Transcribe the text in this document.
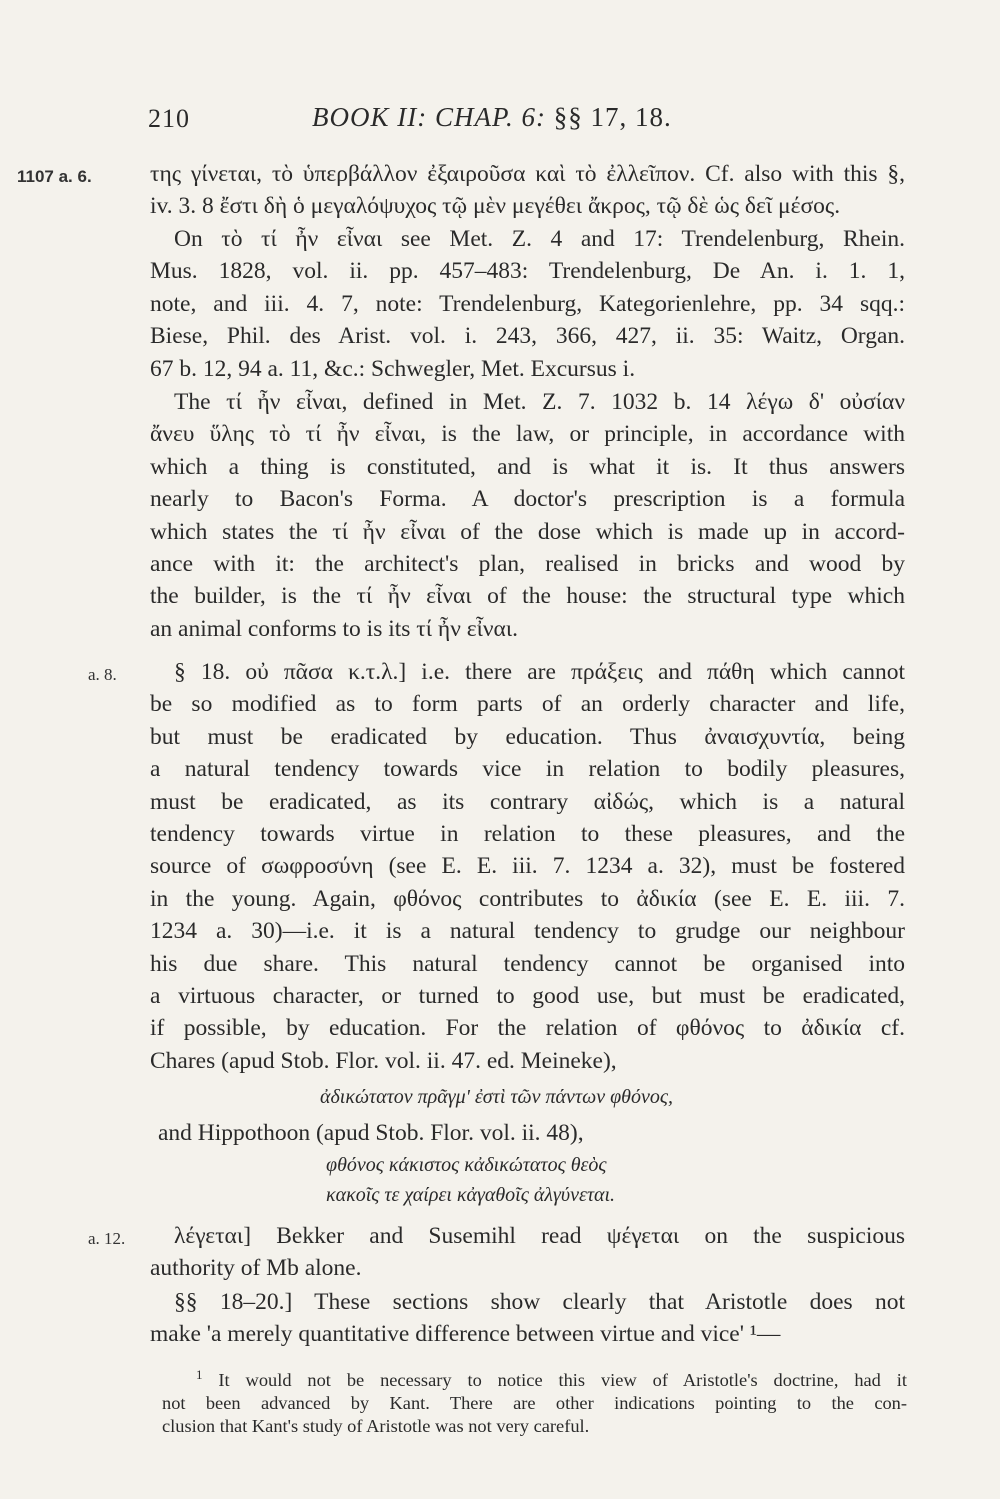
210	BOOK II: CHAP. 6: §§ 17, 18.
1107 a. 6. της γίνεται, τὸ ὑπερβάλλον ἐξαιροῦσα καὶ τὸ ἐλλεῖπον. Cf. also with this §,
iv. 3. 8 ἔστι δὴ ὁ μεγαλόψυχος τῷ μὲν μεγέθει ἄκρος, τῷ δὲ ὡς δεῖ μέσος.
On τὸ τί ἦν εἶναι see Met. Z. 4 and 17: Trendelenburg, Rhein.
Mus. 1828, vol. ii. pp. 457–483: Trendelenburg, De An. i. 1. 1,
note, and iii. 4. 7, note: Trendelenburg, Kategorienlehre, pp. 34 sqq.:
Biese, Phil. des Arist. vol. i. 243, 366, 427, ii. 35: Waitz, Organ.
67 b. 12, 94 a. 11, &c.: Schwegler, Met. Excursus i.
The τί ἦν εἶναι, defined in Met. Z. 7. 1032 b. 14 λέγω δ' οὐσίαν
ἄνευ ὕλης τὸ τί ἦν εἶναι, is the law, or principle, in accordance with
which a thing is constituted, and is what it is. It thus answers
nearly to Bacon's Forma. A doctor's prescription is a formula
which states the τί ἦν εἶναι of the dose which is made up in accord-
ance with it: the architect's plan, realised in bricks and wood by
the builder, is the τί ἦν εἶναι of the house: the structural type which
an animal conforms to is its τί ἦν εἶναι.
a. 8.	§ 18. οὐ πᾶσα κ.τ.λ.] i.e. there are πράξεις and πάθη which cannot
be so modified as to form parts of an orderly character and life,
but must be eradicated by education. Thus ἀναισχυντία, being
a natural tendency towards vice in relation to bodily pleasures,
must be eradicated, as its contrary αἰδώς, which is a natural
tendency towards virtue in relation to these pleasures, and the
source of σωφροσύνη (see E. E. iii. 7. 1234 a. 32), must be fostered
in the young. Again, φθόνος contributes to ἀδικία (see E. E. iii. 7.
1234 a. 30)—i.e. it is a natural tendency to grudge our neighbour
his due share. This natural tendency cannot be organised into
a virtuous character, or turned to good use, but must be eradicated,
if possible, by education. For the relation of φθόνος to ἀδικία cf.
Chares (apud Stob. Flor. vol. ii. 47. ed. Meineke),
ἀδικώτατον πρᾶγμ' ἐστὶ τῶν πάντων φθόνος,
and Hippothoon (apud Stob. Flor. vol. ii. 48),
φθόνος κάκιστος κἀδικώτατος θεὸς
κακοῖς τε χαίρει κἀγαθοῖς ἀλγύνεται.
a. 12.	λέγεται] Bekker and Susemihl read ψέγεται on the suspicious
authority of Mb alone.
§§ 18–20.] These sections show clearly that Aristotle does not
make 'a merely quantitative difference between virtue and vice' ¹—
$^1$ It would not be necessary to notice this view of Aristotle's doctrine, had it
not been advanced by Kant. There are other indications pointing to the con-
clusion that Kant's study of Aristotle was not very careful.
